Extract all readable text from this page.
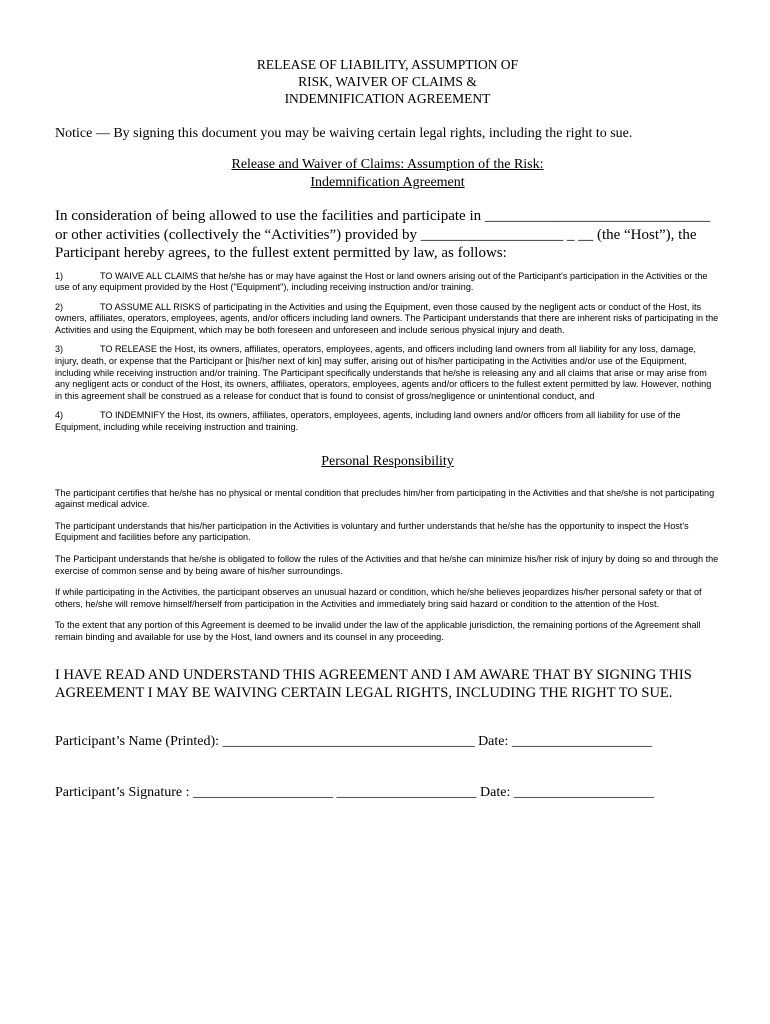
RELEASE OF LIABILITY, ASSUMPTION OF
RISK, WAIVER OF CLAIMS &
INDEMNIFICATION AGREEMENT

Notice — By signing this document you may be waiving certain legal rights, including the right to sue.

Release and Waiver of Claims: Assumption of the Risk:
Indemnification Agreement

In consideration of being allowed to use the facilities and participate in ______________________________
or other activities (collectively the “Activities”) provided by ___________________ _ __ (the “Host”), the
Participant hereby agrees, to the fullest extent permitted by law, as follows:

1)	TO WAIVE ALL CLAIMS that he/she has or may have against the Host or land owners arising out of the Participant's participation in the Activities or the use of any equipment provided by the Host ("Equipment"), including receiving instruction and/or training.

2)	TO ASSUME ALL RISKS of participating in the Activities and using the Equipment, even those caused by the negligent acts or conduct of the Host, its owners, affiliates, operators, employees, agents, and/or officers including land owners. The Participant understands that there are inherent risks of participating in the Activities and using the Equipment, which may be both foreseen and unforeseen and include serious physical injury and death.

3)	TO RELEASE the Host, its owners, affiliates, operators, employees, agents, and officers including land owners from all liability for any loss, damage, injury, death, or expense that the Participant or [his/her next of kin] may suffer, arising out of his/her participating in the Activities and/or use of the Equipment, including while receiving instruction and/or training. The Participant specifically understands that he/she is releasing any and all claims that arise or may arise from any negligent acts or conduct of the Host, its owners, affiliates, operators, employees, agents and/or officers to the fullest extent permitted by law. However, nothing in this agreement shall be construed as a release for conduct that is found to consist of gross/negligence or unintentional conduct, and

4)	TO INDEMNIFY the Host, its owners, affiliates, operators, employees, agents, including land owners and/or officers from all liability for use of the Equipment, including while receiving instruction and training.

Personal Responsibility

The participant certifies that he/she has no physical or mental condition that precludes him/her from participating in the Activities and that she/she is not participating against medical advice.

The participant understands that his/her participation in the Activities is voluntary and further understands that he/she has the opportunity to inspect the Host's Equipment and facilities before any participation.

The Participant understands that he/she is obligated to follow the rules of the Activities and that he/she can minimize his/her risk of injury by doing so and through the exercise of common sense and by being aware of his/her surroundings.

If while participating in the Activities, the participant observes an unusual hazard or condition, which he/she believes jeopardizes his/her personal safety or that of others, he/she will remove himself/herself from participation in the Activities and immediately bring said hazard or condition to the attention of the Host.

To the extent that any portion of this Agreement is deemed to be invalid under the law of the applicable jurisdiction, the remaining portions of the Agreement shall remain binding and available for use by the Host, land owners and its counsel in any proceeding.

I HAVE READ AND UNDERSTAND THIS AGREEMENT AND I AM AWARE THAT BY SIGNING THIS AGREEMENT I MAY BE WAIVING CERTAIN LEGAL RIGHTS, INCLUDING THE RIGHT TO SUE.

Participant’s Name (Printed): ____________________________________ Date: ____________________

Participant’s Signature : ____________________ ____________________ Date: ____________________
